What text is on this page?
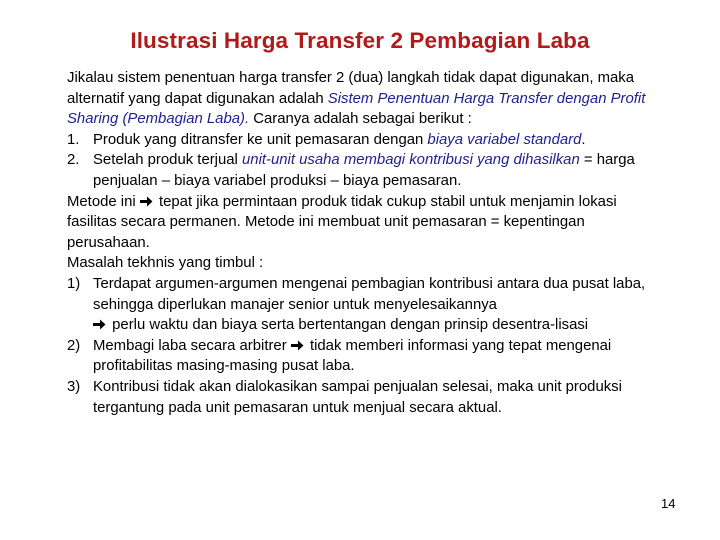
Ilustrasi Harga Transfer 2 Pembagian Laba

Jikalau sistem penentuan harga transfer 2 (dua) langkah tidak dapat digunakan, maka alternatif yang dapat digunakan adalah Sistem Penentuan Harga Transfer dengan Profit Sharing (Pembagian Laba). Caranya adalah sebagai berikut :

1. Produk yang ditransfer ke unit pemasaran dengan biaya variabel standard.

2. Setelah produk terjual unit-unit usaha membagi kontribusi yang dihasilkan = harga penjualan – biaya variabel produksi – biaya pemasaran.

Metode ini  tepat jika permintaan produk tidak cukup stabil untuk menjamin lokasi fasilitas secara permanen. Metode ini membuat unit pemasaran = kepentingan perusahaan.

Masalah tekhnis yang timbul :

1) Terdapat argumen-argumen mengenai pembagian kontribusi antara dua pusat laba, sehingga diperlukan manajer senior untuk menyelesaikannya
perlu waktu dan biaya serta bertentangan dengan prinsip desentra-lisasi

2) Membagi laba secara arbitrer  tidak memberi informasi yang tepat mengenai profitabilitas masing-masing pusat laba.

3) Kontribusi tidak akan dialokasikan sampai penjualan selesai, maka unit produksi tergantung pada unit pemasaran untuk menjual secara aktual.

14
